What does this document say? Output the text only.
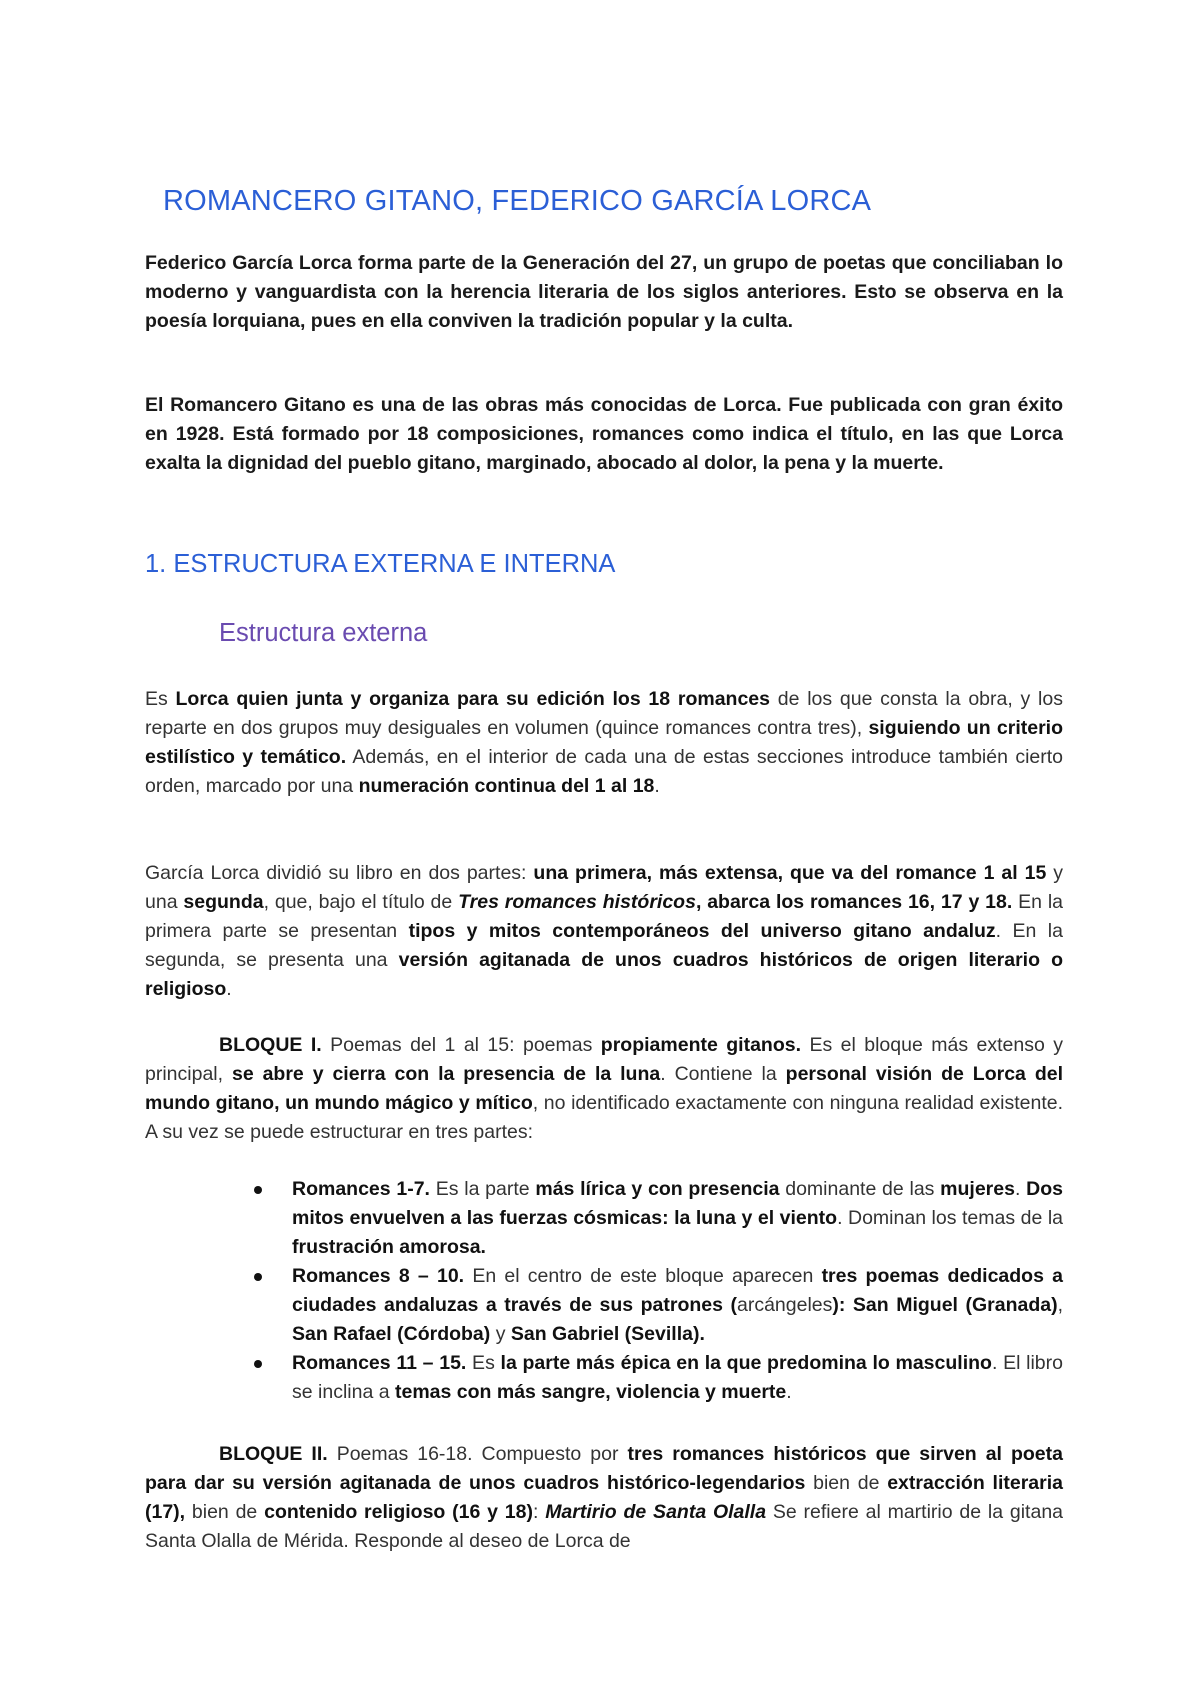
ROMANCERO GITANO, FEDERICO GARCÍA LORCA

Federico García Lorca forma parte de la Generación del 27, un grupo de poetas que conciliaban lo moderno y vanguardista con la herencia literaria de los siglos anteriores. Esto se observa en la poesía lorquiana, pues en ella conviven la tradición popular y la culta.

El Romancero Gitano es una de las obras más conocidas de Lorca. Fue publicada con gran éxito en 1928. Está formado por 18 composiciones, romances como indica el título, en las que Lorca exalta la dignidad del pueblo gitano, marginado, abocado al dolor, la pena y la muerte.

1. ESTRUCTURA EXTERNA E INTERNA
Estructura externa

Es Lorca quien junta y organiza para su edición los 18 romances de los que consta la obra, y los reparte en dos grupos muy desiguales en volumen (quince romances contra tres), siguiendo un criterio estilístico y temático. Además, en el interior de cada una de estas secciones introduce también cierto orden, marcado por una numeración continua del 1 al 18.

García Lorca dividió su libro en dos partes: una primera, más extensa, que va del romance 1 al 15 y una segunda, que, bajo el título de Tres romances históricos, abarca los romances 16, 17 y 18. En la primera parte se presentan tipos y mitos contemporáneos del universo gitano andaluz. En la segunda, se presenta una versión agitanada de unos cuadros históricos de origen literario o religioso.

BLOQUE I. Poemas del 1 al 15: poemas propiamente gitanos. Es el bloque más extenso y principal, se abre y cierra con la presencia de la luna. Contiene la personal visión de Lorca del mundo gitano, un mundo mágico y mítico, no identificado exactamente con ninguna realidad existente. A su vez se puede estructurar en tres partes:

Romances 1-7. Es la parte más lírica y con presencia dominante de las mujeres. Dos mitos envuelven a las fuerzas cósmicas: la luna y el viento. Dominan los temas de la frustración amorosa.
Romances 8 – 10. En el centro de este bloque aparecen tres poemas dedicados a ciudades andaluzas a través de sus patrones (arcángeles): San Miguel (Granada), San Rafael (Córdoba) y San Gabriel (Sevilla).
Romances 11 – 15. Es la parte más épica en la que predomina lo masculino. El libro se inclina a temas con más sangre, violencia y muerte.

BLOQUE II. Poemas 16-18. Compuesto por tres romances históricos que sirven al poeta para dar su versión agitanada de unos cuadros histórico-legendarios bien de extracción literaria (17), bien de contenido religioso (16 y 18): Martirio de Santa Olalla Se refiere al martirio de la gitana Santa Olalla de Mérida. Responde al deseo de Lorca de
